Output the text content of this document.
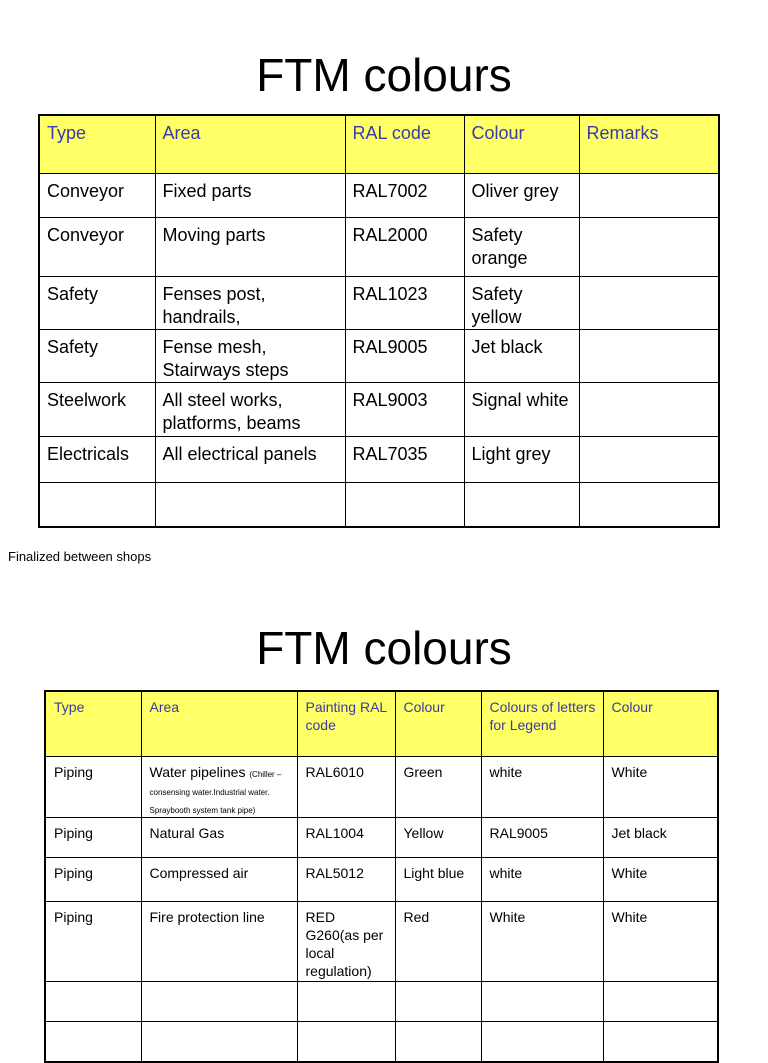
FTM colours
Type	Area	RAL code	Colour	Remarks
Conveyor	Fixed parts	RAL7002	Oliver grey	
Conveyor	Moving parts	RAL2000	Safety orange	
Safety	Fenses post, handrails,	RAL1023	Safety yellow	
Safety	Fense mesh, Stairways steps	RAL9005	Jet black	
Steelwork	All steel works, platforms, beams	RAL9003	Signal white	
Electricals	All electrical panels	RAL7035	Light grey	

Finalized between shops
FTM colours
Type	Area	Painting RAL code	Colour	Colours of letters for Legend	Colour
Piping	Water pipelines (Chiller – consensing water.Industrial water. Spraybooth system tank pipe)	RAL6010	Green	white	White
Piping	Natural Gas	RAL1004	Yellow	RAL9005	Jet black
Piping	Compressed air	RAL5012	Light blue	white	White
Piping	Fire protection line	RED G260(as per local regulation)	Red	White	White
